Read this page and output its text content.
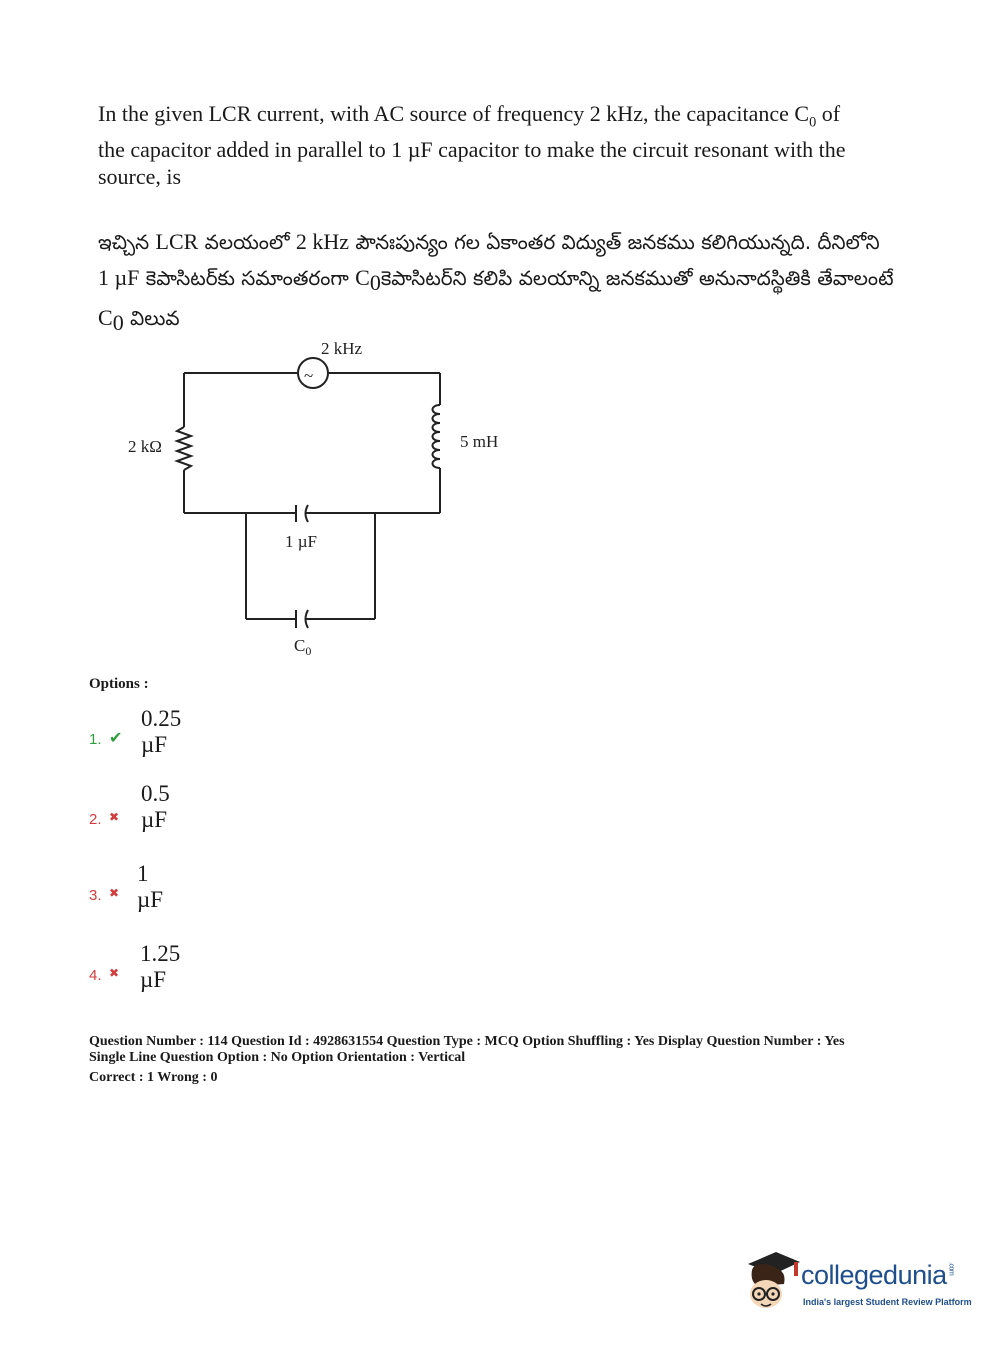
In the given LCR current, with AC source of frequency 2 kHz, the capacitance $C_0$ of
the capacitor added in parallel to 1 µF capacitor to make the circuit resonant with the
source, is
ఇచ్చిన LCR వలయంలో 2 kHz పౌనఃపున్యం గల ఏకాంతర విద్యుత్ జనకము కలిగియున్నది. దీనిలోని
1 µF కెపాసిటర్‌కు సమాంతరంగా $C_0కెపాసిటర్‌ని$ కలిపి వలయాన్ని జనకముతో అనునాదస్థితికి తేవాలంటే
$C_0$ విలువ
~
2 kHz
2 kΩ	5 mH
1 µF
$C_0$
Options :
1. ✔
0.25 µF
2. ✖
0.5 µF
3. ✖
1 µF
4. ✖
1.25 µF
Question Number : 114 Question Id : 4928631554 Question Type : MCQ Option Shuffling : Yes Display Question Number : Yes
Single Line Question Option : No Option Orientation : Vertical
Correct : 1 Wrong : 0
collegedunia.com
India's largest Student Review Platform
